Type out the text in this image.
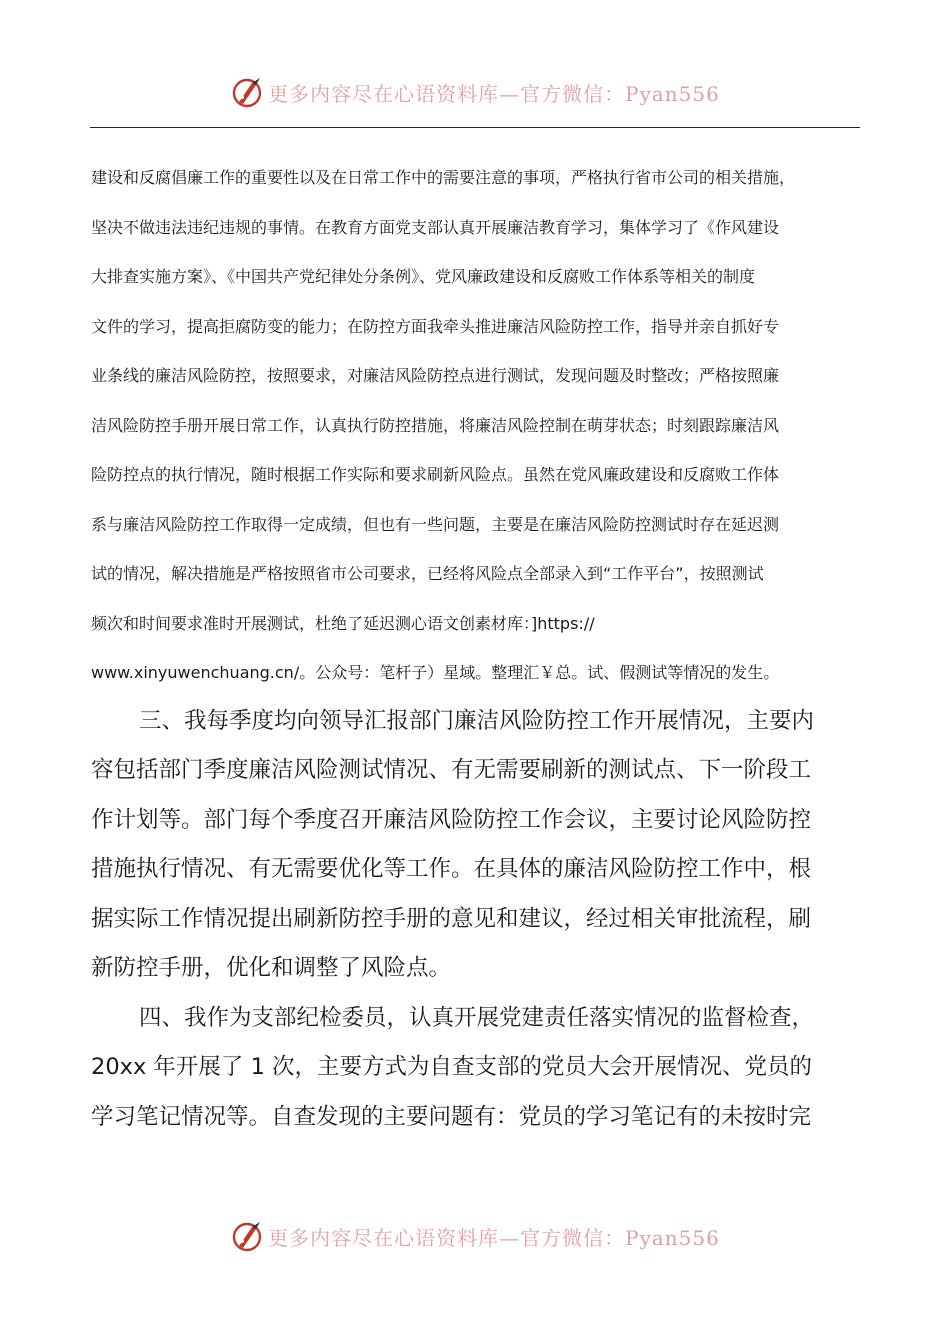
更多内容尽在心语资料库—官方微信：Pyan556
建设和反腐倡廉工作的重要性以及在日常工作中的需要注意的事项，严格执行省市公司的相关措施，
坚决不做违法违纪违规的事情。在教育方面党支部认真开展廉洁教育学习，集体学习了《作风建设
大排查实施方案》、《中国共产党纪律处分条例》、党风廉政建设和反腐败工作体系等相关的制度
文件的学习，提高拒腐防变的能力；在防控方面我牵头推进廉洁风险防控工作，指导并亲自抓好专
业条线的廉洁风险防控，按照要求，对廉洁风险防控点进行测试，发现问题及时整改；严格按照廉
洁风险防控手册开展日常工作，认真执行防控措施，将廉洁风险控制在萌芽状态；时刻跟踪廉洁风
险防控点的执行情况，随时根据工作实际和要求刷新风险点。虽然在党风廉政建设和反腐败工作体
系与廉洁风险防控工作取得一定成绩，但也有一些问题，主要是在廉洁风险防控测试时存在延迟测
试的情况，解决措施是严格按照省市公司要求，已经将风险点全部录入到“工作平台”，按照测试
频次和时间要求准时开展测试，杜绝了延迟测心语文创素材库：]https://
www.xinyuwenchuang.cn/。公众号：笔杆子）星域。整理汇￥总。试、假测试等情况的发生。
三、我每季度均向领导汇报部门廉洁风险防控工作开展情况，主要内
容包括部门季度廉洁风险测试情况、有无需要刷新的测试点、下一阶段工
作计划等。部门每个季度召开廉洁风险防控工作会议，主要讨论风险防控
措施执行情况、有无需要优化等工作。在具体的廉洁风险防控工作中，根
据实际工作情况提出刷新防控手册的意见和建议，经过相关审批流程，刷
新防控手册，优化和调整了风险点。
四、我作为支部纪检委员，认真开展党建责任落实情况的监督检查，
20xx 年开展了 1 次，主要方式为自查支部的党员大会开展情况、党员的
学习笔记情况等。自查发现的主要问题有：党员的学习笔记有的未按时完
更多内容尽在心语资料库—官方微信：Pyan556
